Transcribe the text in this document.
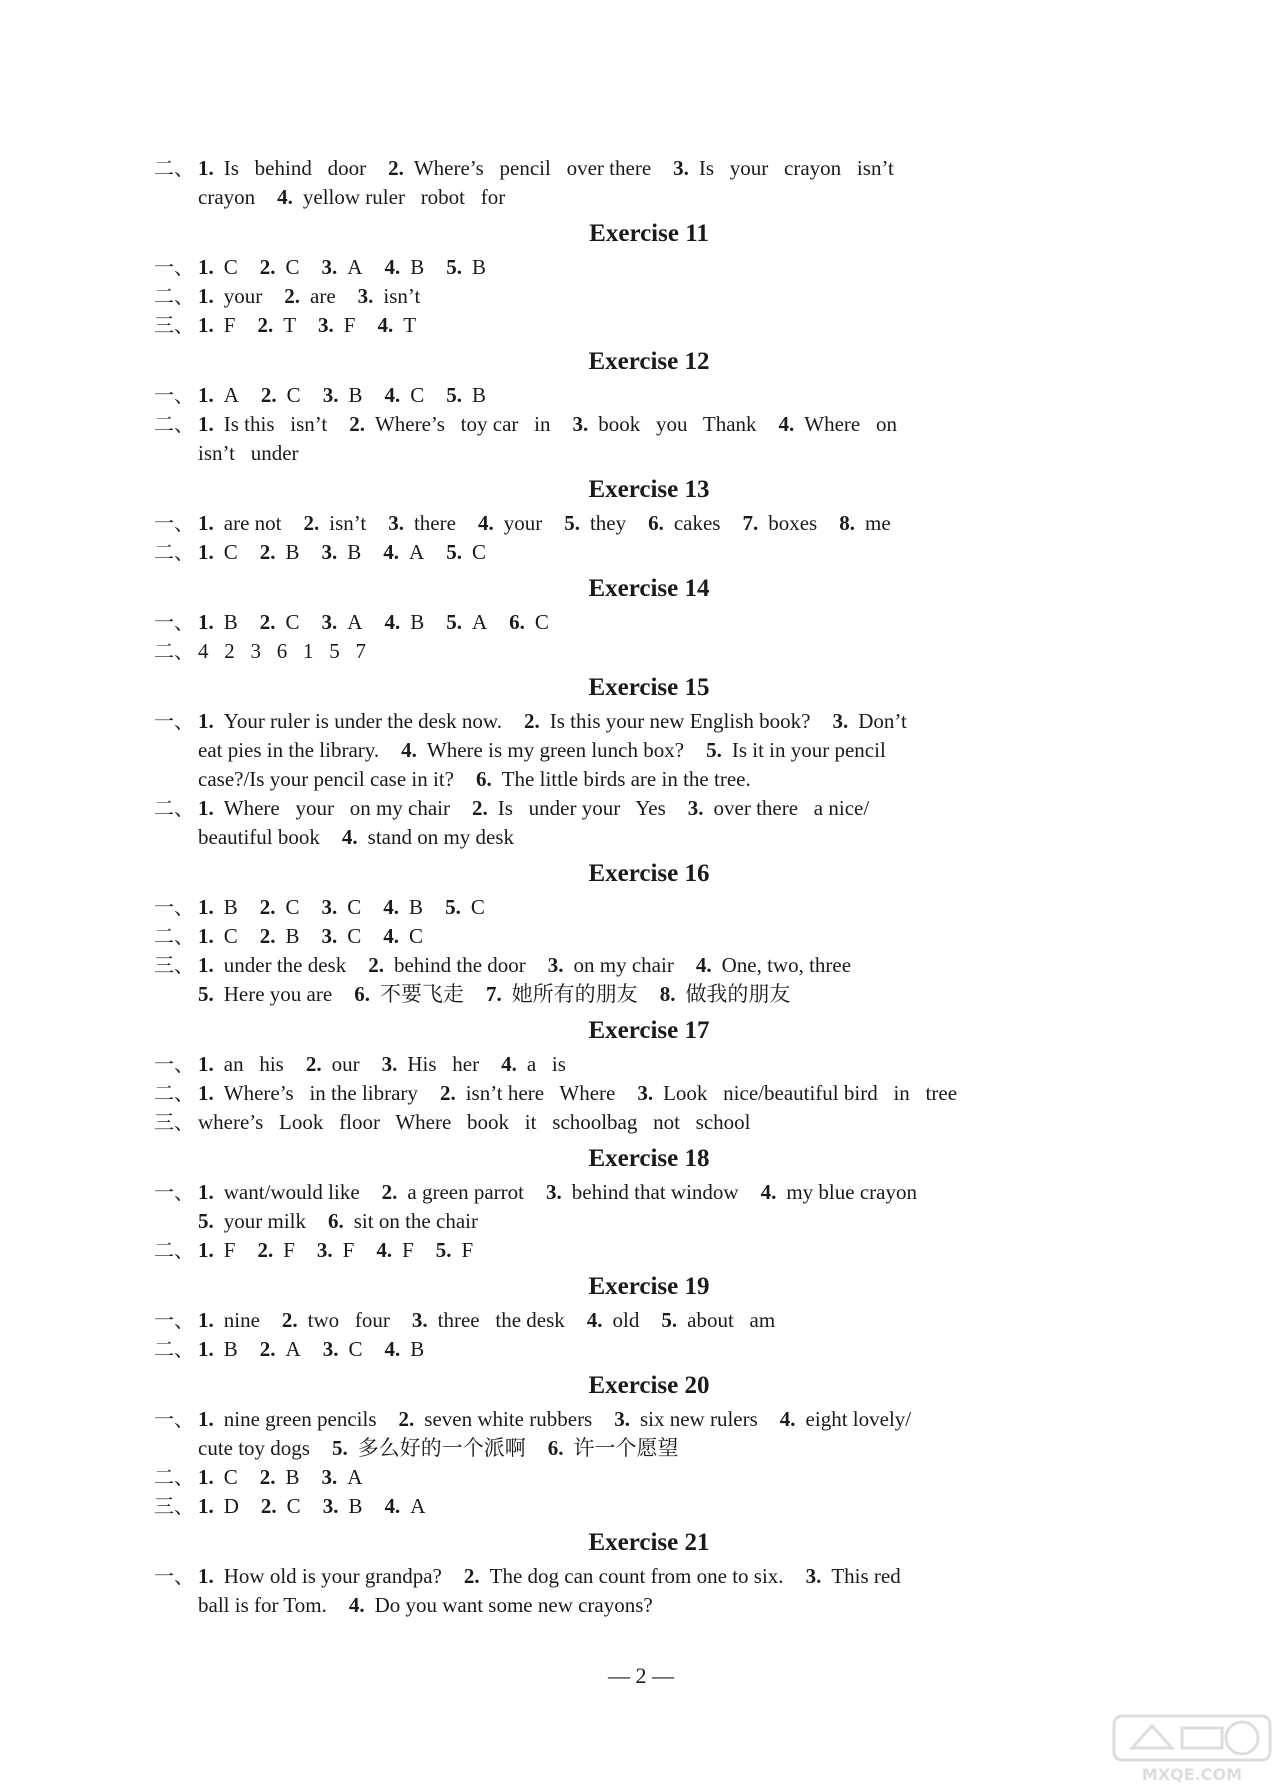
二、 1. Is   behind   door 2. Where’s   pencil   over there 3. Is   your   crayon   isn’t
crayon 4. yellow ruler   robot   for
Exercise 11
一、 1. C 2. C 3. A 4. B 5. B
二、 1. your 2. are 3. isn’t
三、 1. F 2. T 3. F 4. T
Exercise 12
一、 1. A 2. C 3. B 4. C 5. B
二、 1. Is this   isn’t 2. Where’s   toy car   in 3. book   you   Thank 4. Where   on
isn’t   under
Exercise 13
一、 1. are not 2. isn’t 3. there 4. your 5. they 6. cakes 7. boxes 8. me
二、 1. C 2. B 3. B 4. A 5. C
Exercise 14
一、 1. B 2. C 3. A 4. B 5. A 6. C
二、 4   2   3   6   1   5   7
Exercise 15
一、 1. Your ruler is under the desk now. 2. Is this your new English book? 3. Don’t
eat pies in the library. 4. Where is my green lunch box? 5. Is it in your pencil
case?/Is your pencil case in it? 6. The little birds are in the tree.
二、 1. Where   your   on my chair 2. Is   under your   Yes 3. over there   a nice/
beautiful book 4. stand on my desk
Exercise 16
一、 1. B 2. C 3. C 4. B 5. C
二、 1. C 2. B 3. C 4. C
三、 1. under the desk 2. behind the door 3. on my chair 4. One, two, three
5. Here you are 6. 不要飞走 7. 她所有的朋友 8. 做我的朋友
Exercise 17
一、 1. an   his 2. our 3. His   her 4. a   is
二、 1. Where’s   in the library 2. isn’t here   Where 3. Look   nice/beautiful bird   in   tree
三、 where’s   Look   floor   Where   book   it   schoolbag   not   school
Exercise 18
一、 1. want/would like 2. a green parrot 3. behind that window 4. my blue crayon
5. your milk 6. sit on the chair
二、 1. F 2. F 3. F 4. F 5. F
Exercise 19
一、 1. nine 2. two   four 3. three   the desk 4. old 5. about   am
二、 1. B 2. A 3. C 4. B
Exercise 20
一、 1. nine green pencils 2. seven white rubbers 3. six new rulers 4. eight lovely/
cute toy dogs 5. 多么好的一个派啊 6. 许一个愿望
二、 1. C 2. B 3. A
三、 1. D 2. C 3. B 4. A
Exercise 21
一、 1. How old is your grandpa? 2. The dog can count from one to six. 3. This red
ball is for Tom. 4. Do you want some new crayons?
— 2 —
MXQE.COM
